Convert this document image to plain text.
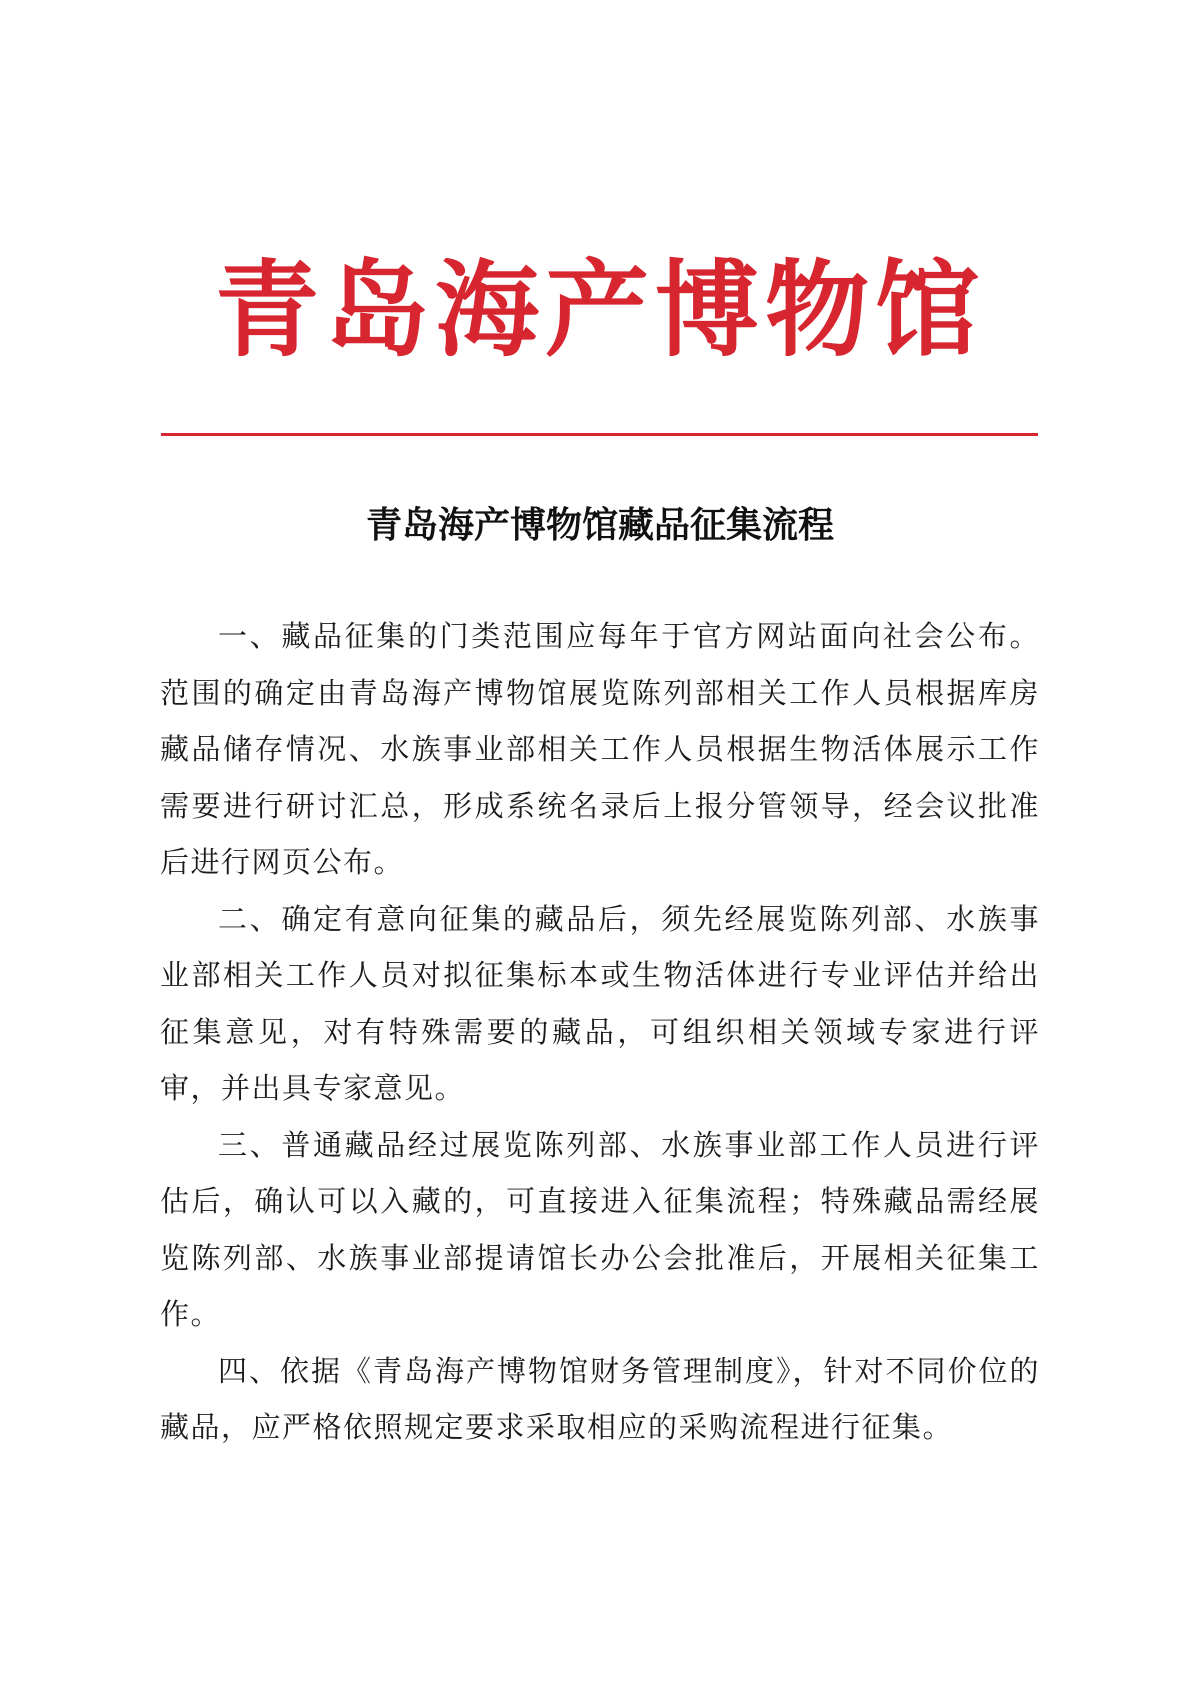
青岛海产博物馆
青岛海产博物馆藏品征集流程

一、藏品征集的门类范围应每年于官方网站面向社会公布。范围的确定由青岛海产博物馆展览陈列部相关工作人员根据库房藏品储存情况、水族事业部相关工作人员根据生物活体展示工作需要进行研讨汇总，形成系统名录后上报分管领导，经会议批准后进行网页公布。

二、确定有意向征集的藏品后，须先经展览陈列部、水族事业部相关工作人员对拟征集标本或生物活体进行专业评估并给出征集意见，对有特殊需要的藏品，可组织相关领域专家进行评审，并出具专家意见。

三、普通藏品经过展览陈列部、水族事业部工作人员进行评估后，确认可以入藏的，可直接进入征集流程；特殊藏品需经展览陈列部、水族事业部提请馆长办公会批准后，开展相关征集工作。

四、依据《青岛海产博物馆财务管理制度》，针对不同价位的藏品，应严格依照规定要求采取相应的采购流程进行征集。
